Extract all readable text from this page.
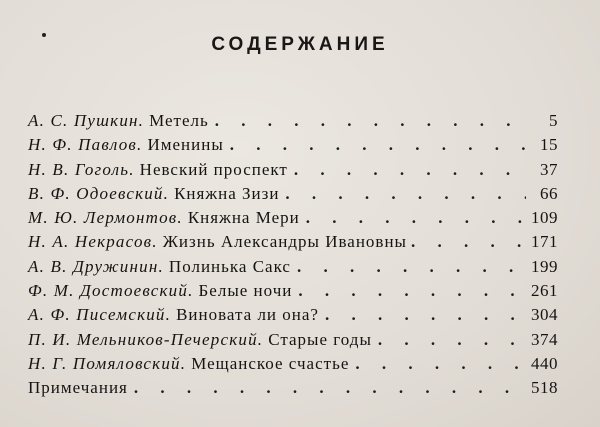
СОДЕРЖАНИЕ
А. С. Пушкин. Метель . . .	5
Н. Ф. Павлов. Именины . . .	15
Н. В. Гоголь. Невский проспект . . .	37
В. Ф. Одоевский. Княжна Зизи . . .	66
М. Ю. Лермонтов. Княжна Мери . . .	109
Н. А. Некрасов. Жизнь Александры Ивановны . . .	171
А. В. Дружинин. Полинька Сакс . . .	199
Ф. М. Достоевский. Белые ночи . . .	261
А. Ф. Писемский. Виновата ли она? . . .	304
П. И. Мельников-Печерский. Старые годы . . .	374
Н. Г. Помяловский. Мещанское счастье . . .	440
Примечания . . .	518
